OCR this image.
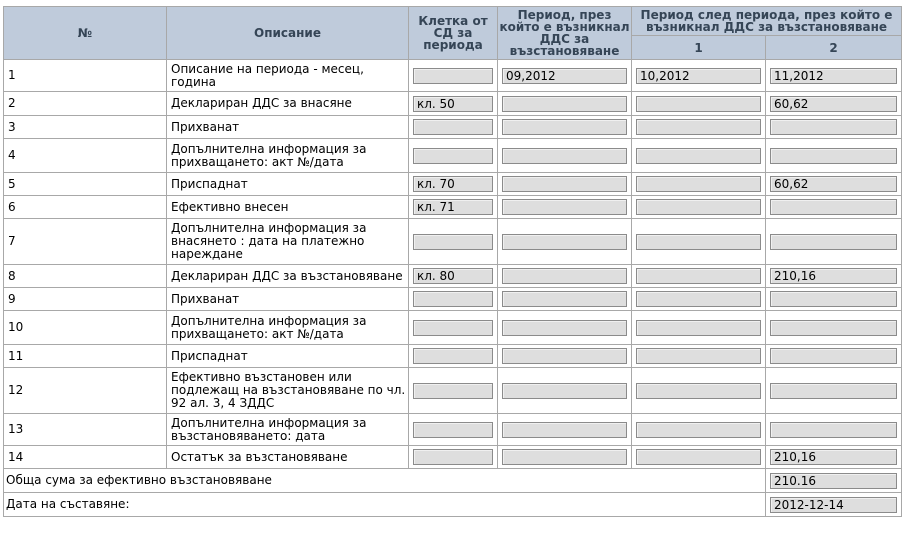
№	Описание	Клетка от СД за периода	Период, през който е възникнал ДДС за възстановяване	Период след периода, през който е възникнал ДДС за възстановяване	
				1	2
1	Описание на периода - месец, година		09,2012	10,2012	11,2012

2	Деклариран ДДС за внасяне	кл. 50			60,62

3	Прихванат	

4	Допълнителна информация за прихващането: акт №/дата	

5	Приспаднат	кл. 70			60,62

6	Ефективно внесен	кл. 71			

7	Допълнителна информация за внасянето : дата на платежно нареждане	

8	Деклариран ДДС за възстановяване	кл. 80			210,16

9	Прихванат	

10	Допълнителна информация за прихващането: акт №/дата	

11	Приспаднат	

12	Ефективно възстановен или подлежащ на възстановяване по чл. 92 ал. 3, 4 ЗДДС	

13	Допълнителна информация за възстановяването: дата	

14	Остатък за възстановяване				210,16

Обща сума за ефективно възстановяване					210.16

Дата на съставяне:					2012-12-14
